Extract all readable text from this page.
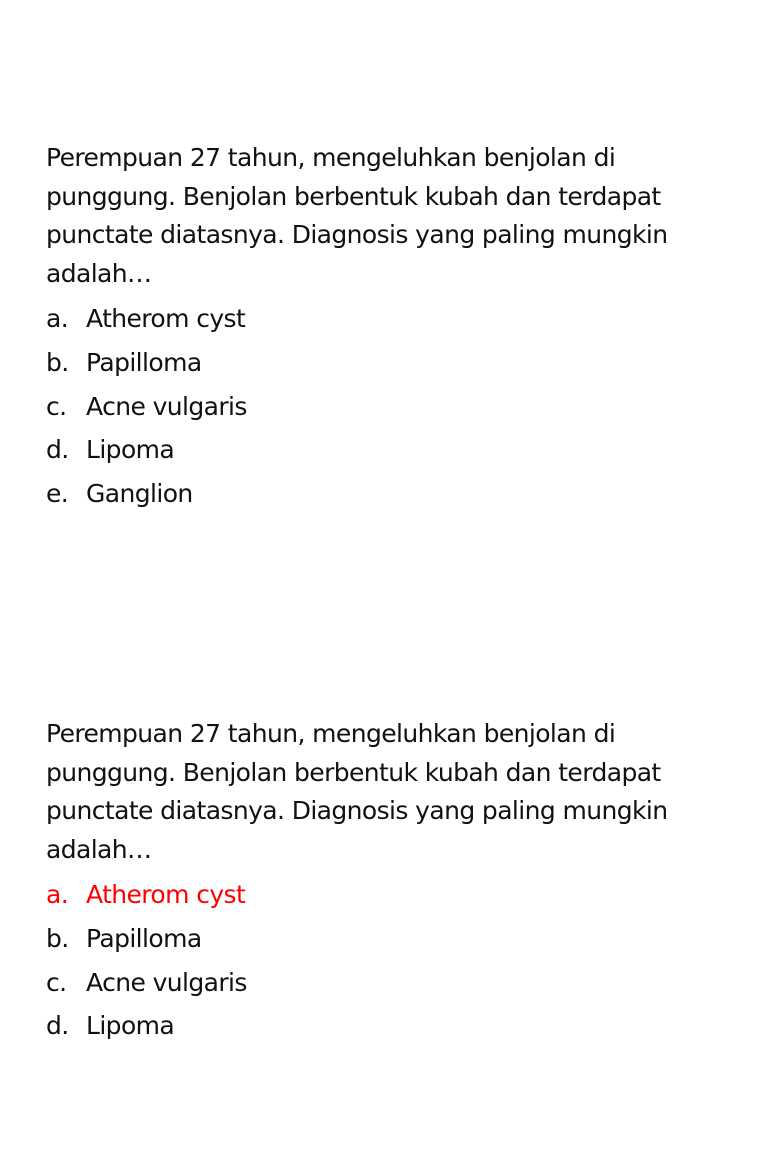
Perempuan 27 tahun, mengeluhkan benjolan di punggung. Benjolan berbentuk kubah dan terdapat punctate diatasnya. Diagnosis yang paling mungkin adalah…

a. Atherom cyst
b. Papilloma
c. Acne vulgaris
d. Lipoma
e. Ganglion

Perempuan 27 tahun, mengeluhkan benjolan di punggung. Benjolan berbentuk kubah dan terdapat punctate diatasnya. Diagnosis yang paling mungkin adalah…

a. Atherom cyst
b. Papilloma
c. Acne vulgaris
d. Lipoma
